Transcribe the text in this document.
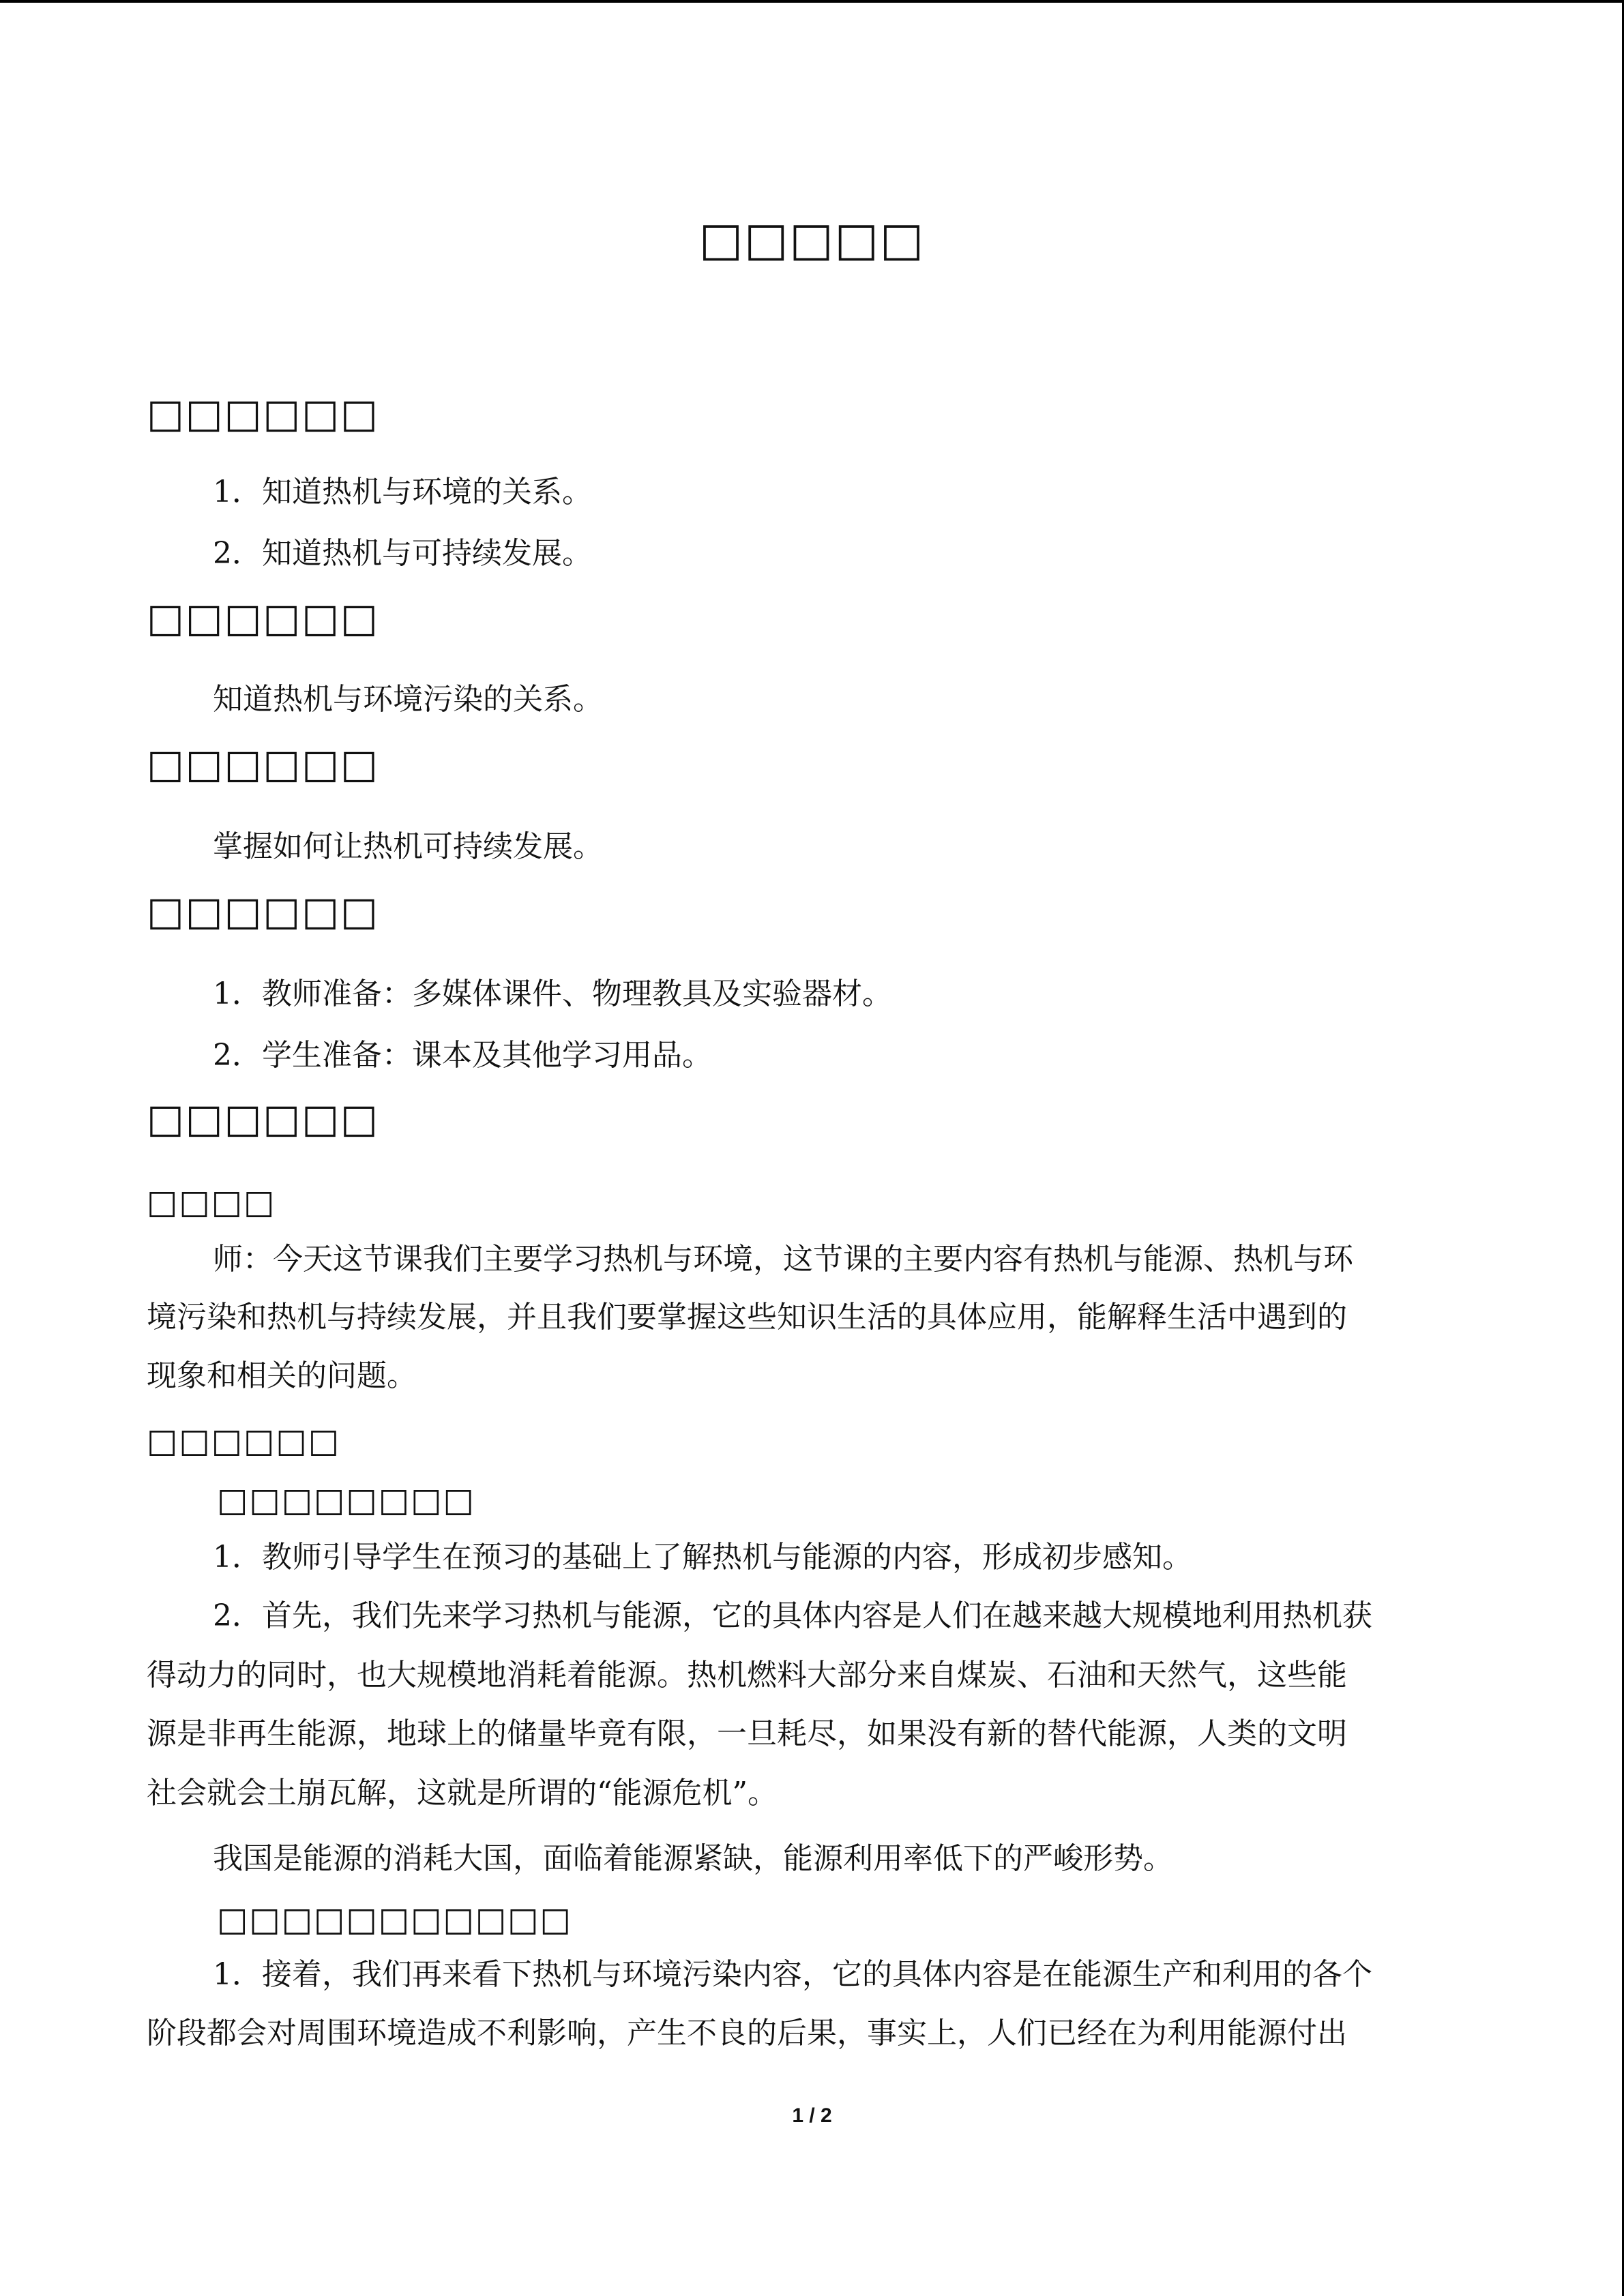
□□□□□
□□□□□□
1．知道热机与环境的关系。
2．知道热机与可持续发展。
□□□□□□
知道热机与环境污染的关系。
□□□□□□
掌握如何让热机可持续发展。
□□□□□□
1．教师准备：多媒体课件、物理教具及实验器材。
2．学生准备：课本及其他学习用品。
□□□□□□
□□□□
师：今天这节课我们主要学习热机与环境，这节课的主要内容有热机与能源、热机与环
境污染和热机与持续发展，并且我们要掌握这些知识生活的具体应用，能解释生活中遇到的
现象和相关的问题。
□□□□□□
□□□□□□□□
1．教师引导学生在预习的基础上了解热机与能源的内容，形成初步感知。
2．首先，我们先来学习热机与能源，它的具体内容是人们在越来越大规模地利用热机获
得动力的同时，也大规模地消耗着能源。热机燃料大部分来自煤炭、石油和天然气，这些能
源是非再生能源，地球上的储量毕竟有限，一旦耗尽，如果没有新的替代能源，人类的文明
社会就会土崩瓦解，这就是所谓的“能源危机”。
我国是能源的消耗大国，面临着能源紧缺，能源利用率低下的严峻形势。
□□□□□□□□□□□
1．接着，我们再来看下热机与环境污染内容，它的具体内容是在能源生产和利用的各个
阶段都会对周围环境造成不利影响，产生不良的后果，事实上，人们已经在为利用能源付出
1 / 2
